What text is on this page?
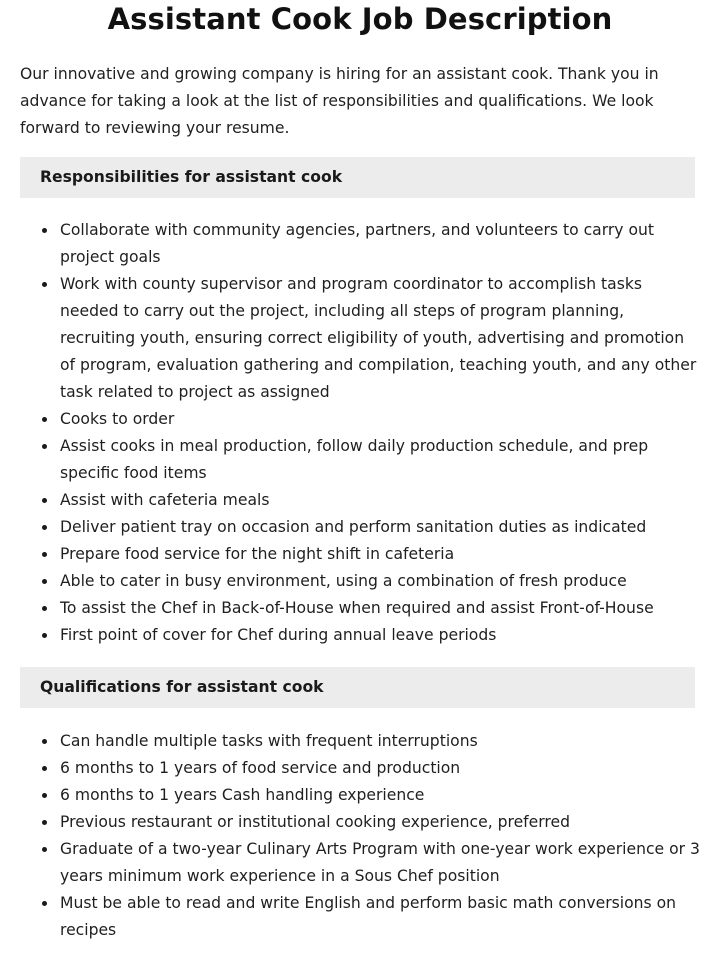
Assistant Cook Job Description

Our innovative and growing company is hiring for an assistant cook. Thank you in advance for taking a look at the list of responsibilities and qualifications. We look forward to reviewing your resume.

Responsibilities for assistant cook
Collaborate with community agencies, partners, and volunteers to carry out project goals
Work with county supervisor and program coordinator to accomplish tasks needed to carry out the project, including all steps of program planning, recruiting youth, ensuring correct eligibility of youth, advertising and promotion of program, evaluation gathering and compilation, teaching youth, and any other task related to project as assigned
Cooks to order
Assist cooks in meal production, follow daily production schedule, and prep specific food items
Assist with cafeteria meals
Deliver patient tray on occasion and perform sanitation duties as indicated
Prepare food service for the night shift in cafeteria
Able to cater in busy environment, using a combination of fresh produce
To assist the Chef in Back-of-House when required and assist Front-of-House
First point of cover for Chef during annual leave periods
Qualifications for assistant cook
Can handle multiple tasks with frequent interruptions
6 months to 1 years of food service and production
6 months to 1 years Cash handling experience
Previous restaurant or institutional cooking experience, preferred
Graduate of a two-year Culinary Arts Program with one-year work experience or 3 years minimum work experience in a Sous Chef position
Must be able to read and write English and perform basic math conversions on recipes
